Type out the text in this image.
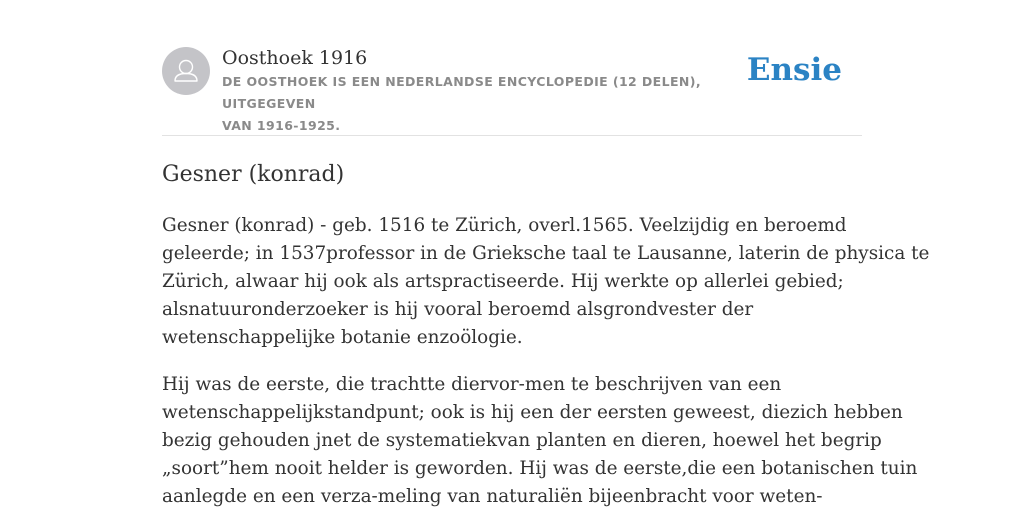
Oosthoek 1916
DE OOSTHOEK IS EEN NEDERLANDSE ENCYCLOPEDIE (12 DELEN), UITGEGEVEN
VAN 1916-1925.
Ensie
Gesner (konrad)
Gesner (konrad) - geb. 1516 te Zürich, overl.1565. Veelzijdig en beroemd
geleerde; in 1537professor in de Grieksche taal te Lausanne, laterin de physica te
Zürich, alwaar hij ook als artspractiseerde. Hij werkte op allerlei gebied;
alsnatuuronderzoeker is hij vooral beroemd alsgrondvester der
wetenschappelijke botanie enzoölogie.
Hij was de eerste, die trachtte diervor-men te beschrijven van een
wetenschappelijkstandpunt; ook is hij een der eersten geweest, diezich hebben
bezig gehouden jnet de systematiekvan planten en dieren, hoewel het begrip
„soort”hem nooit helder is geworden. Hij was de eerste,die een botanischen tuin
aanlegde en een verza-meling van naturaliën bijeenbracht voor weten-
